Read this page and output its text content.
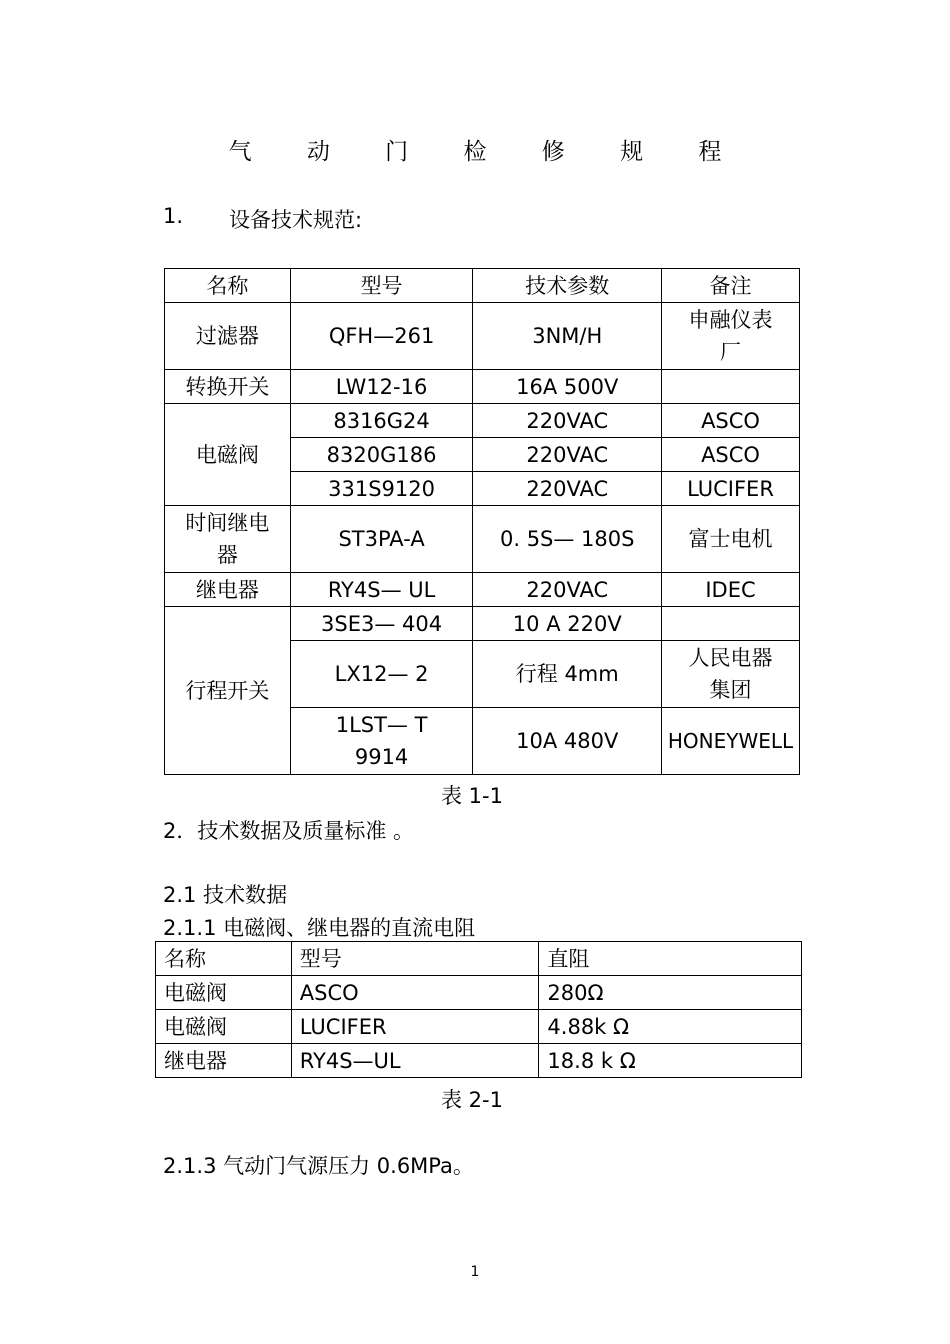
气 动 门 检 修 规 程
1. 设备技术规范:
名称	型号	技术参数	备注
过滤器	QFH—261	3NM/H	申融仪表厂
转换开关	LW12-16	16A 500V	
电磁阀	8316G24	220VAC	ASCO
	8320G186	220VAC	ASCO
	331S9120	220VAC	LUCIFER
时间继电器	ST3PA-A	0. 5S— 180S	富士电机
继电器	RY4S— UL	220VAC	IDEC
行程开关	3SE3— 404	10 A 220V	
	LX12— 2	行程 4mm	人民电器集团
	1LST— T 9914	10A 480V	HONEYWELL
表 1-1
2．技术数据及质量标准 。
2.1 技术数据
2.1.1 电磁阀、继电器的直流电阻
名称	型号	直阻
电磁阀	ASCO	280Ω
电磁阀	LUCIFER	4.88k Ω
继电器	RY4S—UL	18.8 k Ω
表 2-1
2.1.3 气动门气源压力 0.6MPa。
1
